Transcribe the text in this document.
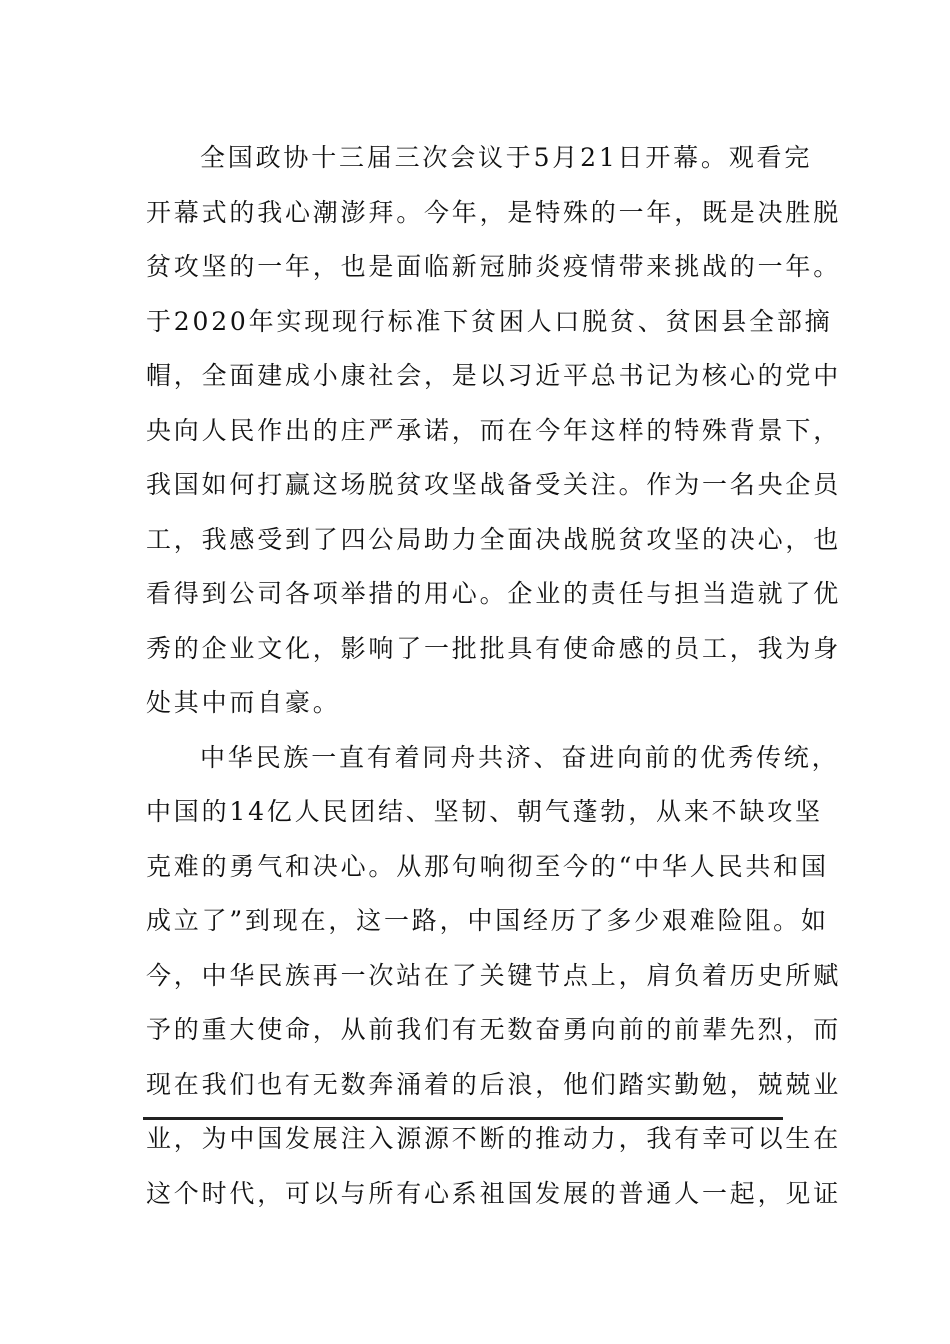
全国政协十三届三次会议于5月21日开幕。观看完
开幕式的我心潮澎拜。今年，是特殊的一年，既是决胜脱
贫攻坚的一年，也是面临新冠肺炎疫情带来挑战的一年。
于2020年实现现行标准下贫困人口脱贫、贫困县全部摘
帽，全面建成小康社会，是以习近平总书记为核心的党中
央向人民作出的庄严承诺，而在今年这样的特殊背景下，
我国如何打赢这场脱贫攻坚战备受关注。作为一名央企员
工，我感受到了四公局助力全面决战脱贫攻坚的决心，也
看得到公司各项举措的用心。企业的责任与担当造就了优
秀的企业文化，影响了一批批具有使命感的员工，我为身
处其中而自豪。
中华民族一直有着同舟共济、奋进向前的优秀传统，
中国的14亿人民团结、坚韧、朝气蓬勃，从来不缺攻坚
克难的勇气和决心。从那句响彻至今的“中华人民共和国
成立了”到现在，这一路，中国经历了多少艰难险阻。如
今，中华民族再一次站在了关键节点上，肩负着历史所赋
予的重大使命，从前我们有无数奋勇向前的前辈先烈，而
现在我们也有无数奔涌着的后浪，他们踏实勤勉，兢兢业
业，为中国发展注入源源不断的推动力，我有幸可以生在
这个时代，可以与所有心系祖国发展的普通人一起，见证
